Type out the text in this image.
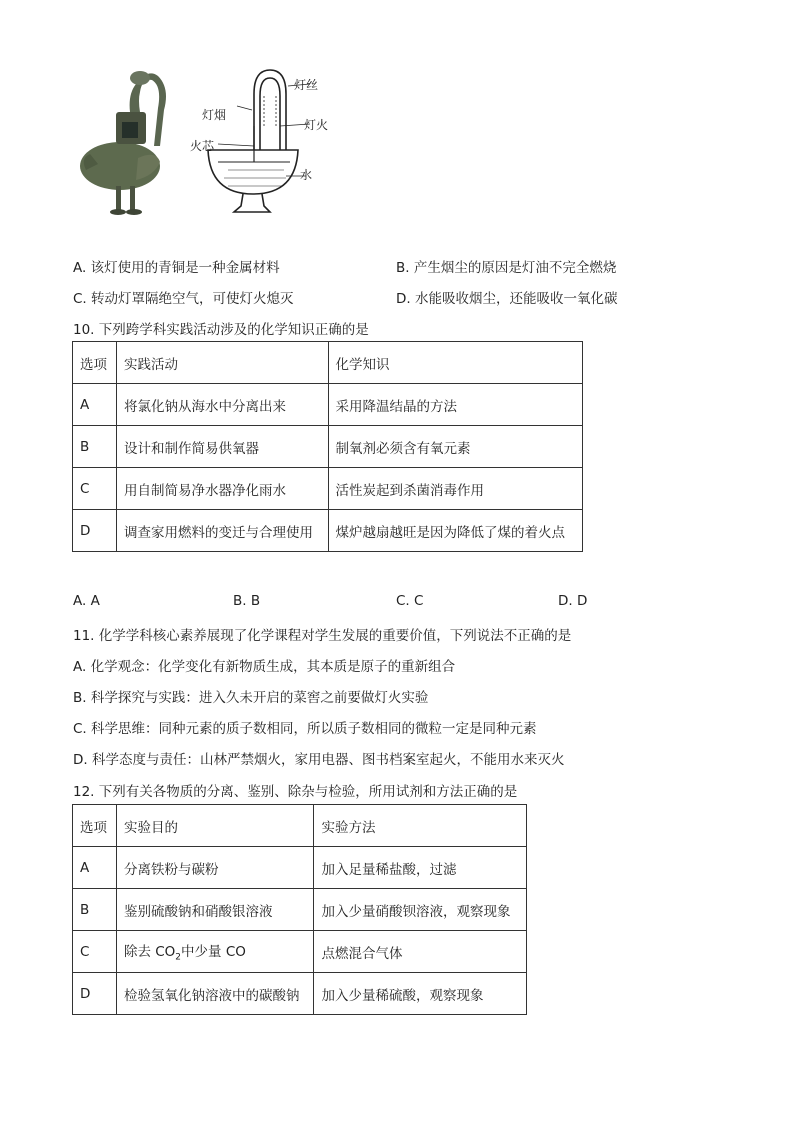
灯烟
火芯
灯丝
灯火
水
A. 该灯使用的青铜是一种金属材料	B. 产生烟尘的原因是灯油不完全燃烧
C. 转动灯罩隔绝空气，可使灯火熄灭	D. 水能吸收烟尘，还能吸收一氧化碳
10. 下列跨学科实践活动涉及的化学知识正确的是
选项	实践活动	化学知识
A	将氯化钠从海水中分离出来	采用降温结晶的方法
B	设计和制作简易供氧器	制氧剂必须含有氧元素
C	用自制简易净水器净化雨水	活性炭起到杀菌消毒作用
D	调查家用燃料的变迁与合理使用	煤炉越扇越旺是因为降低了煤的着火点
A. A	B. B	C. C	D. D
11. 化学学科核心素养展现了化学课程对学生发展的重要价值，下列说法不正确的是
A. 化学观念：化学变化有新物质生成，其本质是原子的重新组合
B. 科学探究与实践：进入久未开启的菜窖之前要做灯火实验
C. 科学思维：同种元素的质子数相同，所以质子数相同的微粒一定是同种元素
D. 科学态度与责任：山林严禁烟火，家用电器、图书档案室起火，不能用水来灭火
12. 下列有关各物质的分离、鉴别、除杂与检验，所用试剂和方法正确的是
选项	实验目的	实验方法
A	分离铁粉与碳粉	加入足量稀盐酸，过滤
B	鉴别硫酸钠和硝酸银溶液	加入少量硝酸钡溶液，观察现象
C	除去 $CO_2$中少量 CO	点燃混合气体
D	检验氢氧化钠溶液中的碳酸钠	加入少量稀硫酸，观察现象
